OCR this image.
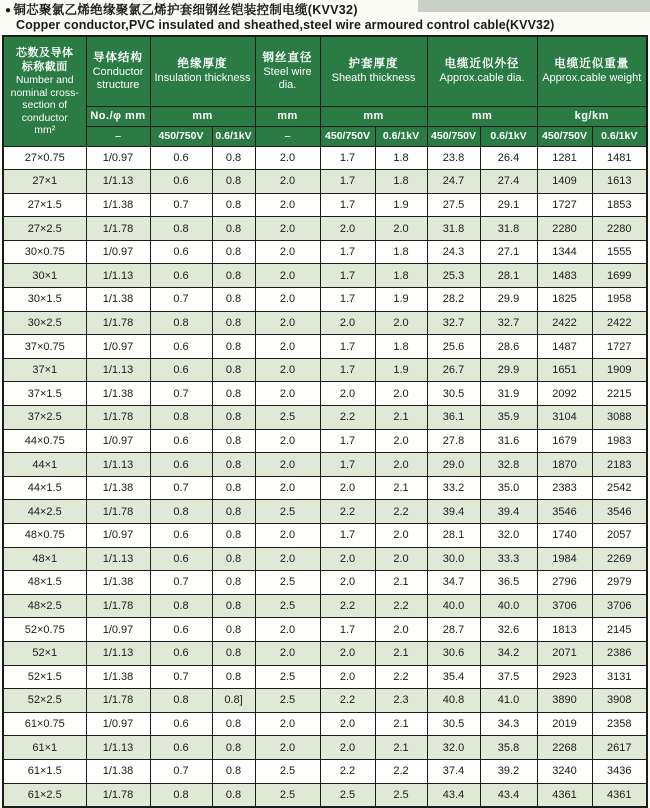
● 铜芯聚氯乙烯绝缘聚氯乙烯护套细钢丝铠装控制电缆(KVV32)
Copper conductor,PVC insulated and sheathed,steel wire armoured control cable(KVV32)
芯数及导体
标称截面
Number and nominal cross-section of conductor
mm²

导体结构
Conductor structure

绝缘厚度
Insulation thickness

钢丝直径
Steel wire dia.

护套厚度
Sheath thickness

电缆近似外径
Approx.cable dia.

电缆近似重量
Approx.cable weight

	No./φ mm	mm		mm	mm		mm		kg/km	
	–	450/750V	0.6/1kV	–	450/750V	0.6/1kV	450/750V	0.6/1kV	450/750V	0.6/1kV
27×0.75	1/0.97	0.6	0.8	2.0	1.7	1.8	23.8	26.4	1281	1481
27×1	1/1.13	0.6	0.8	2.0	1.7	1.8	24.7	27.4	1409	1613
27×1.5	1/1.38	0.7	0.8	2.0	1.7	1.9	27.5	29.1	1727	1853
27×2.5	1/1.78	0.8	0.8	2.0	2.0	2.0	31.8	31.8	2280	2280
30×0.75	1/0.97	0.6	0.8	2.0	1.7	1.8	24.3	27.1	1344	1555
30×1	1/1.13	0.6	0.8	2.0	1.7	1.8	25.3	28.1	1483	1699
30×1.5	1/1.38	0.7	0.8	2.0	1.7	1.9	28.2	29.9	1825	1958
30×2.5	1/1.78	0.8	0.8	2.0	2.0	2.0	32.7	32.7	2422	2422
37×0.75	1/0.97	0.6	0.8	2.0	1.7	1.8	25.6	28.6	1487	1727
37×1	1/1.13	0.6	0.8	2.0	1.7	1.9	26.7	29.9	1651	1909
37×1.5	1/1.38	0.7	0.8	2.0	2.0	2.0	30.5	31.9	2092	2215
37×2.5	1/1.78	0.8	0.8	2.5	2.2	2.1	36.1	35.9	3104	3088
44×0.75	1/0.97	0.6	0.8	2.0	1.7	2.0	27.8	31.6	1679	1983
44×1	1/1.13	0.6	0.8	2.0	1.7	2.0	29.0	32.8	1870	2183
44×1.5	1/1.38	0.7	0.8	2.0	2.0	2.1	33.2	35.0	2383	2542
44×2.5	1/1.78	0.8	0.8	2.5	2.2	2.2	39.4	39.4	3546	3546
48×0.75	1/0.97	0.6	0.8	2.0	1.7	2.0	28.1	32.0	1740	2057
48×1	1/1.13	0.6	0.8	2.0	2.0	2.0	30.0	33.3	1984	2269
48×1.5	1/1.38	0.7	0.8	2.5	2.0	2.1	34.7	36.5	2796	2979
48×2.5	1/1.78	0.8	0.8	2.5	2.2	2.2	40.0	40.0	3706	3706
52×0.75	1/0.97	0.6	0.8	2.0	1.7	2.0	28.7	32.6	1813	2145
52×1	1/1.13	0.6	0.8	2.0	2.0	2.1	30.6	34.2	2071	2386
52×1.5	1/1.38	0.7	0.8	2.5	2.0	2.2	35.4	37.5	2923	3131
52×2.5	1/1.78	0.8	0.8]	2.5	2.2	2.3	40.8	41.0	3890	3908
61×0.75	1/0.97	0.6	0.8	2.0	2.0	2.1	30.5	34.3	2019	2358
61×1	1/1.13	0.6	0.8	2.0	2.0	2.1	32.0	35.8	2268	2617
61×1.5	1/1.38	0.7	0.8	2.5	2.2	2.2	37.4	39.2	3240	3436
61×2.5	1/1.78	0.8	0.8	2.5	2.5	2.5	43.4	43.4	4361	4361
